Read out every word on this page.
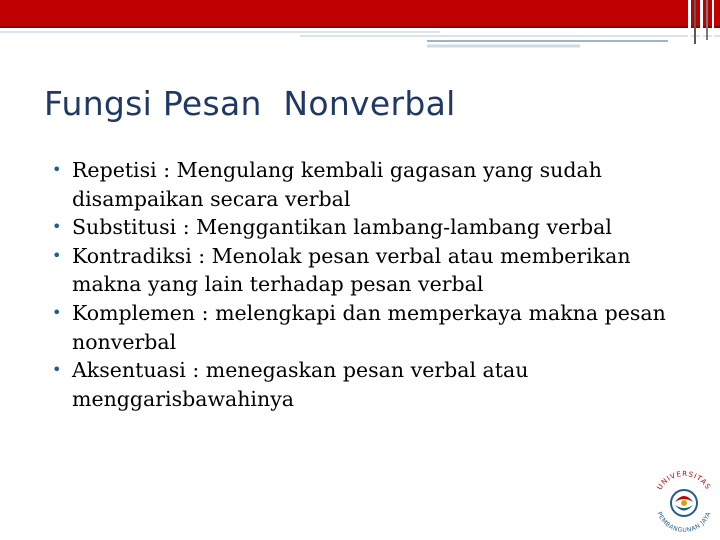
Fungsi Pesan  Nonverbal
• Repetisi : Mengulang kembali gagasan yang sudah disampaikan secara verbal
• Substitusi : Menggantikan lambang-lambang verbal
• Kontradiksi : Menolak pesan verbal atau memberikan makna yang lain terhadap pesan verbal
• Komplemen : melengkapi dan memperkaya makna pesan nonverbal
• Aksentuasi : menegaskan pesan verbal atau menggarisbawahinya
UNIVERSITAS
PEMBANGUNAN JAYA
